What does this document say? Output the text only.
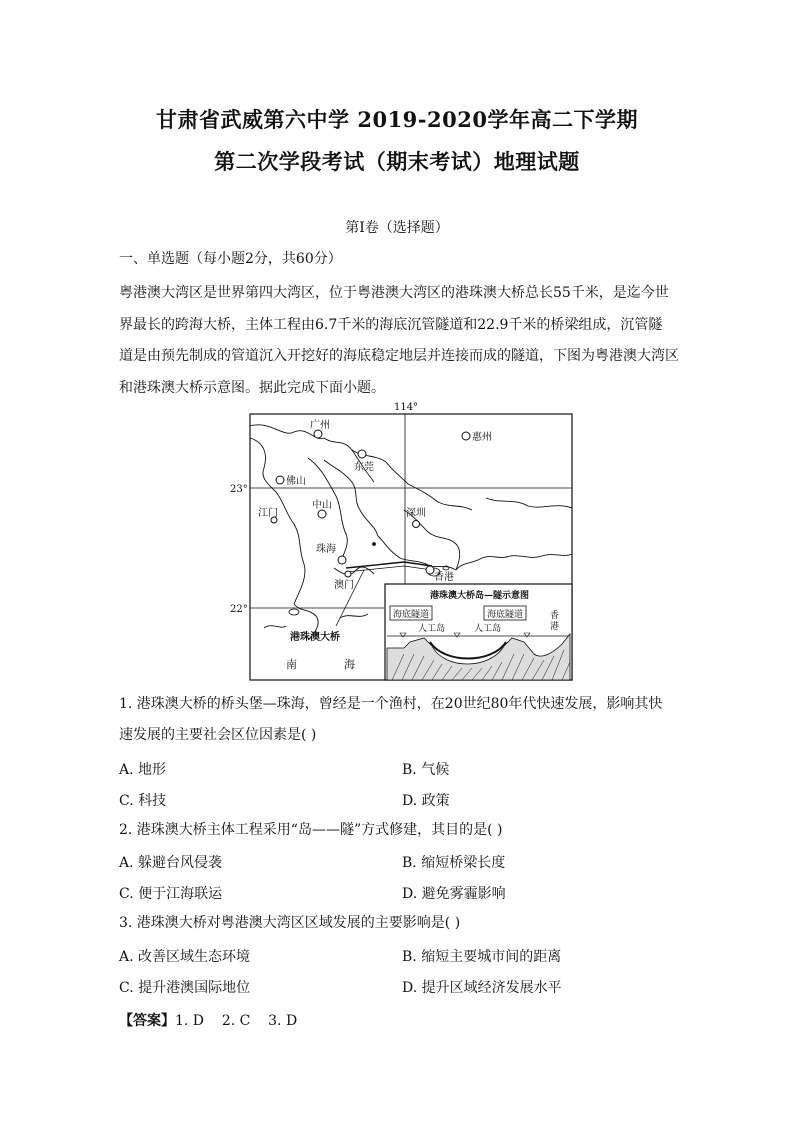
甘肃省武威第六中学 2019-2020学年高二下学期
第二次学段考试（期末考试）地理试题
第Ⅰ卷（选择题）
一、单选题（每小题2分，共60分）
粤港澳大湾区是世界第四大湾区，位于粤港澳大湾区的港珠澳大桥总长55千米，是迄今世
界最长的跨海大桥，主体工程由6.7千米的海底沉管隧道和22.9千米的桥梁组成，沉管隧
道是由预先制成的管道沉入开挖好的海底稳定地层并连接而成的隧道，下图为粤港澳大湾区
和港珠澳大桥示意图。据此完成下面小题。
114°
23°
22°
广州
惠州
东莞
佛山
中山
江门	深圳
珠海
澳门
香港
港珠澳大桥
南	海
港珠澳大桥岛—隧示意图
海底隧道	海底隧道
人工岛	人工岛
香
港
1. 港珠澳大桥的桥头堡—珠海，曾经是一个渔村，在20世纪80年代快速发展，影响其快
速发展的主要社会区位因素是( )
A. 地形	B. 气候
C. 科技	D. 政策
2. 港珠澳大桥主体工程采用“岛——隧”方式修建，其目的是( )
A. 躲避台风侵袭	B. 缩短桥梁长度
C. 便于江海联运	D. 避免雾霾影响
3. 港珠澳大桥对粤港澳大湾区区域发展的主要影响是( )
A. 改善区域生态环境	B. 缩短主要城市间的距离
C. 提升港澳国际地位	D. 提升区域经济发展水平
【答案】1. D    2. C    3. D
